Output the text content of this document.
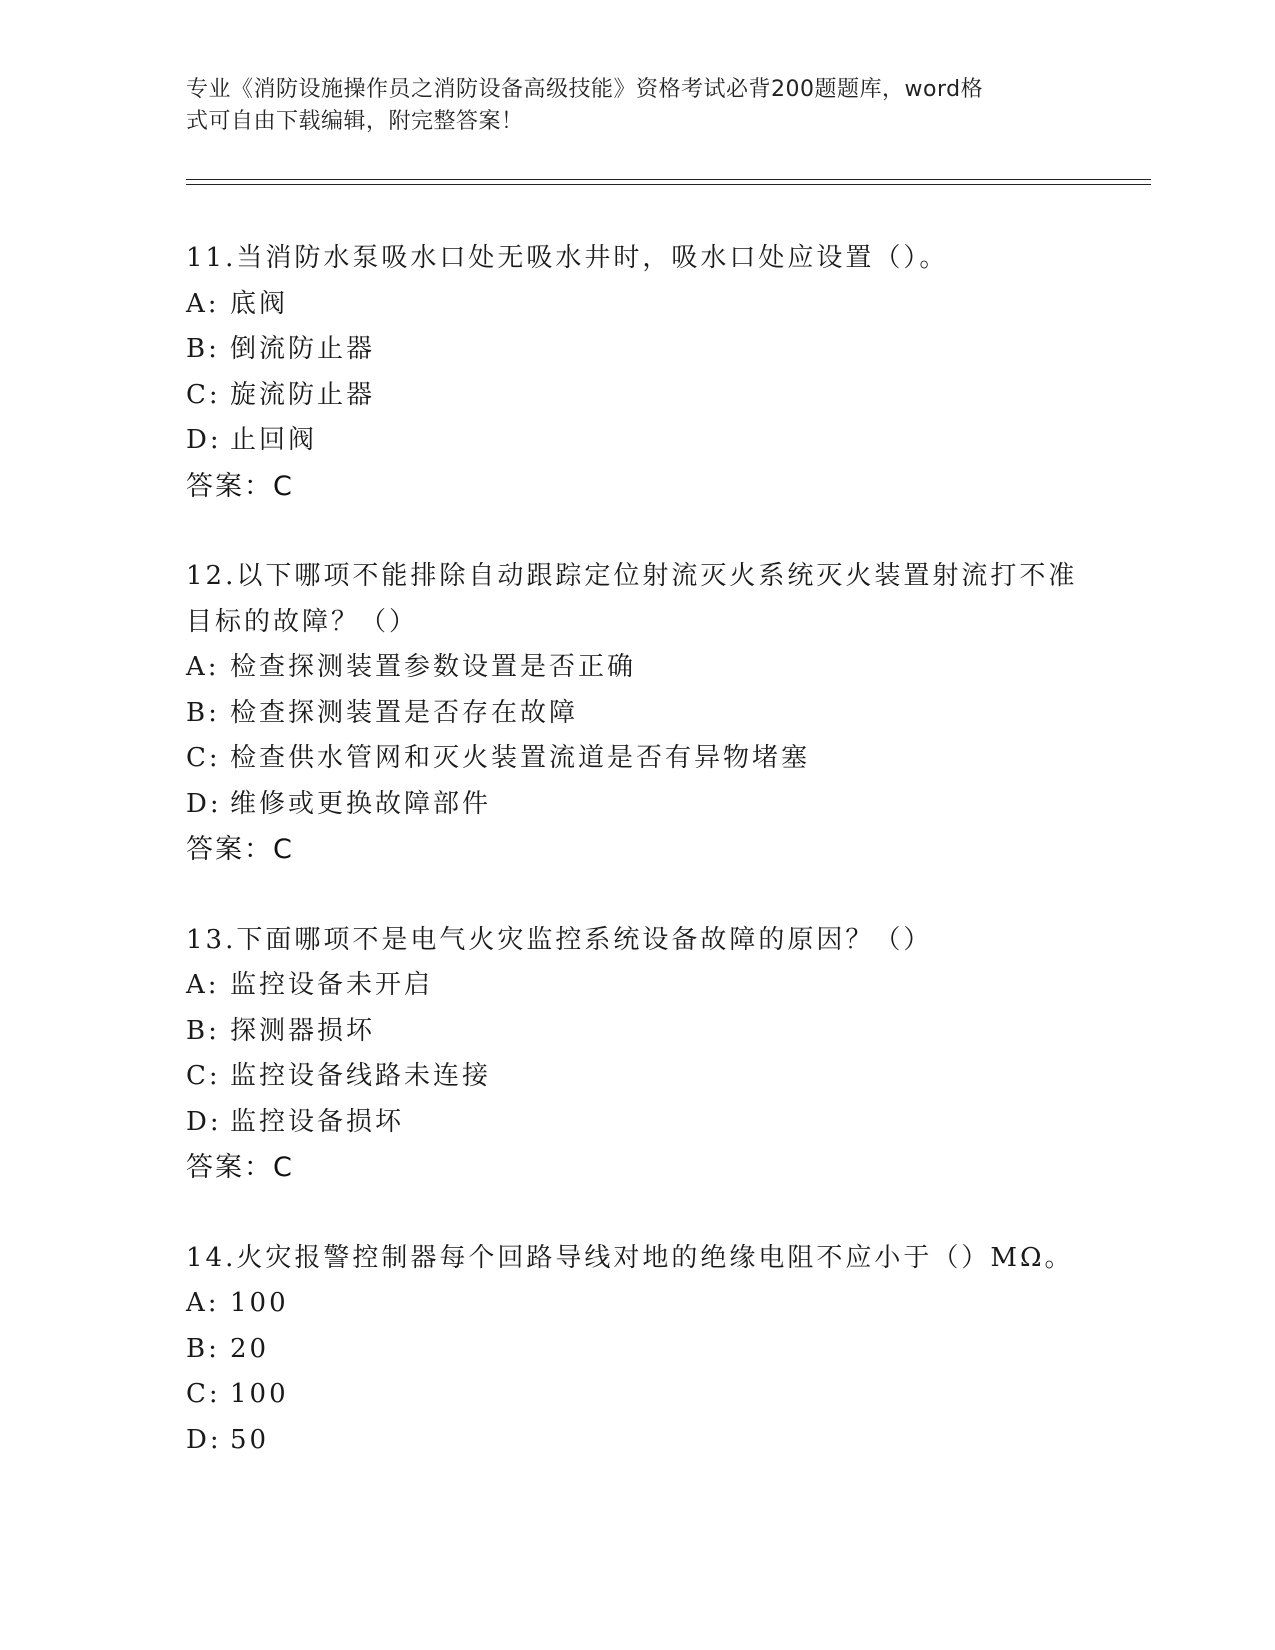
专业《消防设施操作员之消防设备高级技能》资格考试必背200题题库，word格
式可自由下载编辑，附完整答案！
11.当消防水泵吸水口处无吸水井时，吸水口处应设置（）。
A: 底阀
B: 倒流防止器
C: 旋流防止器
D: 止回阀
答案：C
12.以下哪项不能排除自动跟踪定位射流灭火系统灭火装置射流打不准
目标的故障？（）
A: 检查探测装置参数设置是否正确
B: 检查探测装置是否存在故障
C: 检查供水管网和灭火装置流道是否有异物堵塞
D: 维修或更换故障部件
答案：C
13.下面哪项不是电气火灾监控系统设备故障的原因？（）
A: 监控设备未开启
B: 探测器损坏
C: 监控设备线路未连接
D: 监控设备损坏
答案：C
14.火灾报警控制器每个回路导线对地的绝缘电阻不应小于（）MΩ。
A: 100
B: 20
C: 100
D: 50
